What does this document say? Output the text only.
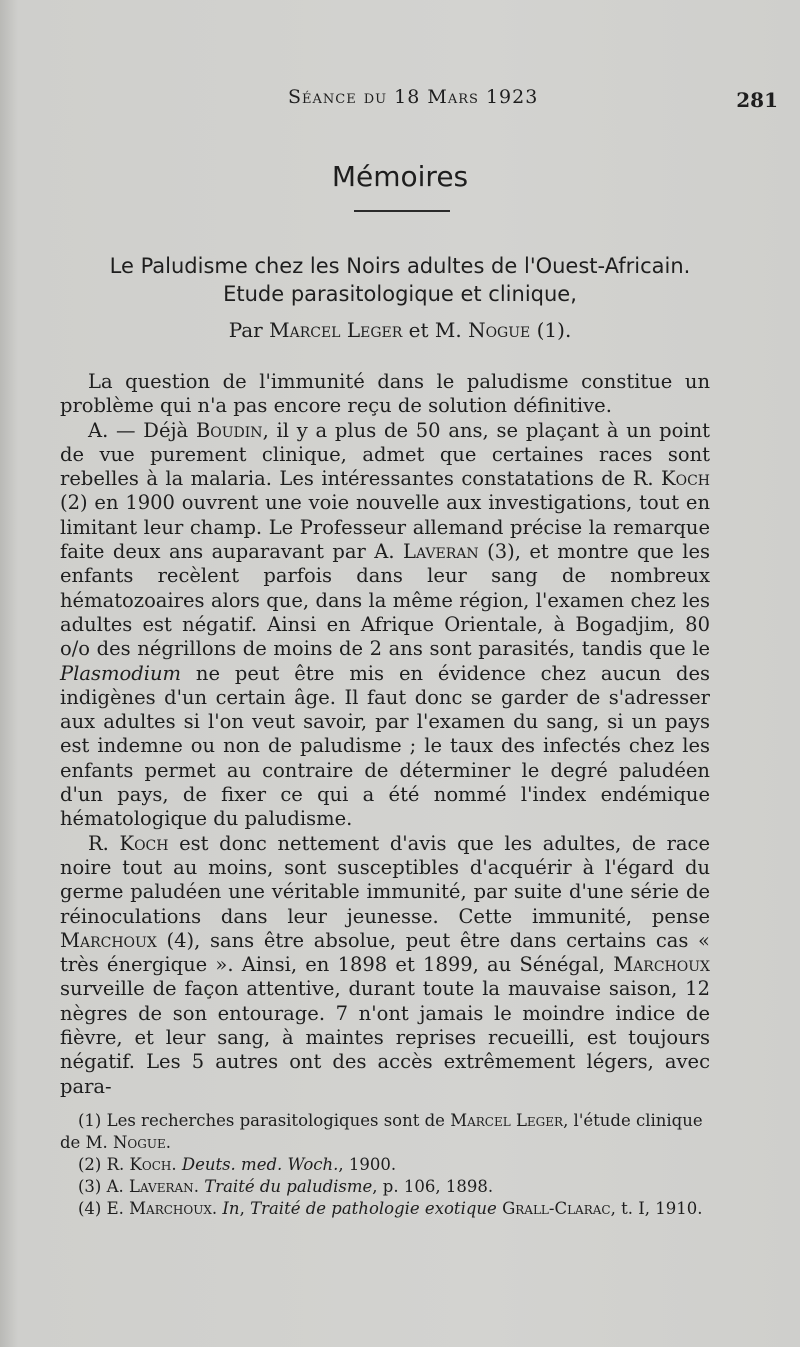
Séance du 18 Mars 1923	281
Mémoires
Le Paludisme chez les Noirs adultes de l'Ouest-Africain.
Etude parasitologique et clinique,
Par Marcel Leger et M. Nogue (1).

La question de l'immunité dans le paludisme constitue un problème qui n'a pas encore reçu de solution définitive.

A. — Déjà Boudin, il y a plus de 50 ans, se plaçant à un point de vue purement clinique, admet que certaines races sont rebelles à la malaria. Les intéressantes constatations de R. Koch (2) en 1900 ouvrent une voie nouvelle aux investigations, tout en limitant leur champ. Le Professeur allemand précise la remarque faite deux ans auparavant par A. Laveran (3), et montre que les enfants recèlent parfois dans leur sang de nombreux hématozoaires alors que, dans la même région, l'examen chez les adultes est négatif. Ainsi en Afrique Orientale, à Bogadjim, 80 o/o des négrillons de moins de 2 ans sont parasités, tandis que le Plasmodium ne peut être mis en évidence chez aucun des indigènes d'un certain âge. Il faut donc se garder de s'adresser aux adultes si l'on veut savoir, par l'examen du sang, si un pays est indemne ou non de paludisme ; le taux des infectés chez les enfants permet au contraire de déterminer le degré paludéen d'un pays, de fixer ce qui a été nommé l'index endémique hématologique du paludisme.

R. Koch est donc nettement d'avis que les adultes, de race noire tout au moins, sont susceptibles d'acquérir à l'égard du germe paludéen une véritable immunité, par suite d'une série de réinoculations dans leur jeunesse. Cette immunité, pense Marchoux (4), sans être absolue, peut être dans certains cas « très énergique ». Ainsi, en 1898 et 1899, au Sénégal, Marchoux surveille de façon attentive, durant toute la mauvaise saison, 12 nègres de son entourage. 7 n'ont jamais le moindre indice de fièvre, et leur sang, à maintes reprises recueilli, est toujours négatif. Les 5 autres ont des accès extrêmement légers, avec para-

(1) Les recherches parasitologiques sont de Marcel Leger, l'étude clinique de M. Nogue.

(2) R. Koch. Deuts. med. Woch., 1900.

(3) A. Laveran. Traité du paludisme, p. 106, 1898.

(4) E. Marchoux. In, Traité de pathologie exotique Grall-Clarac, t. I, 1910.
